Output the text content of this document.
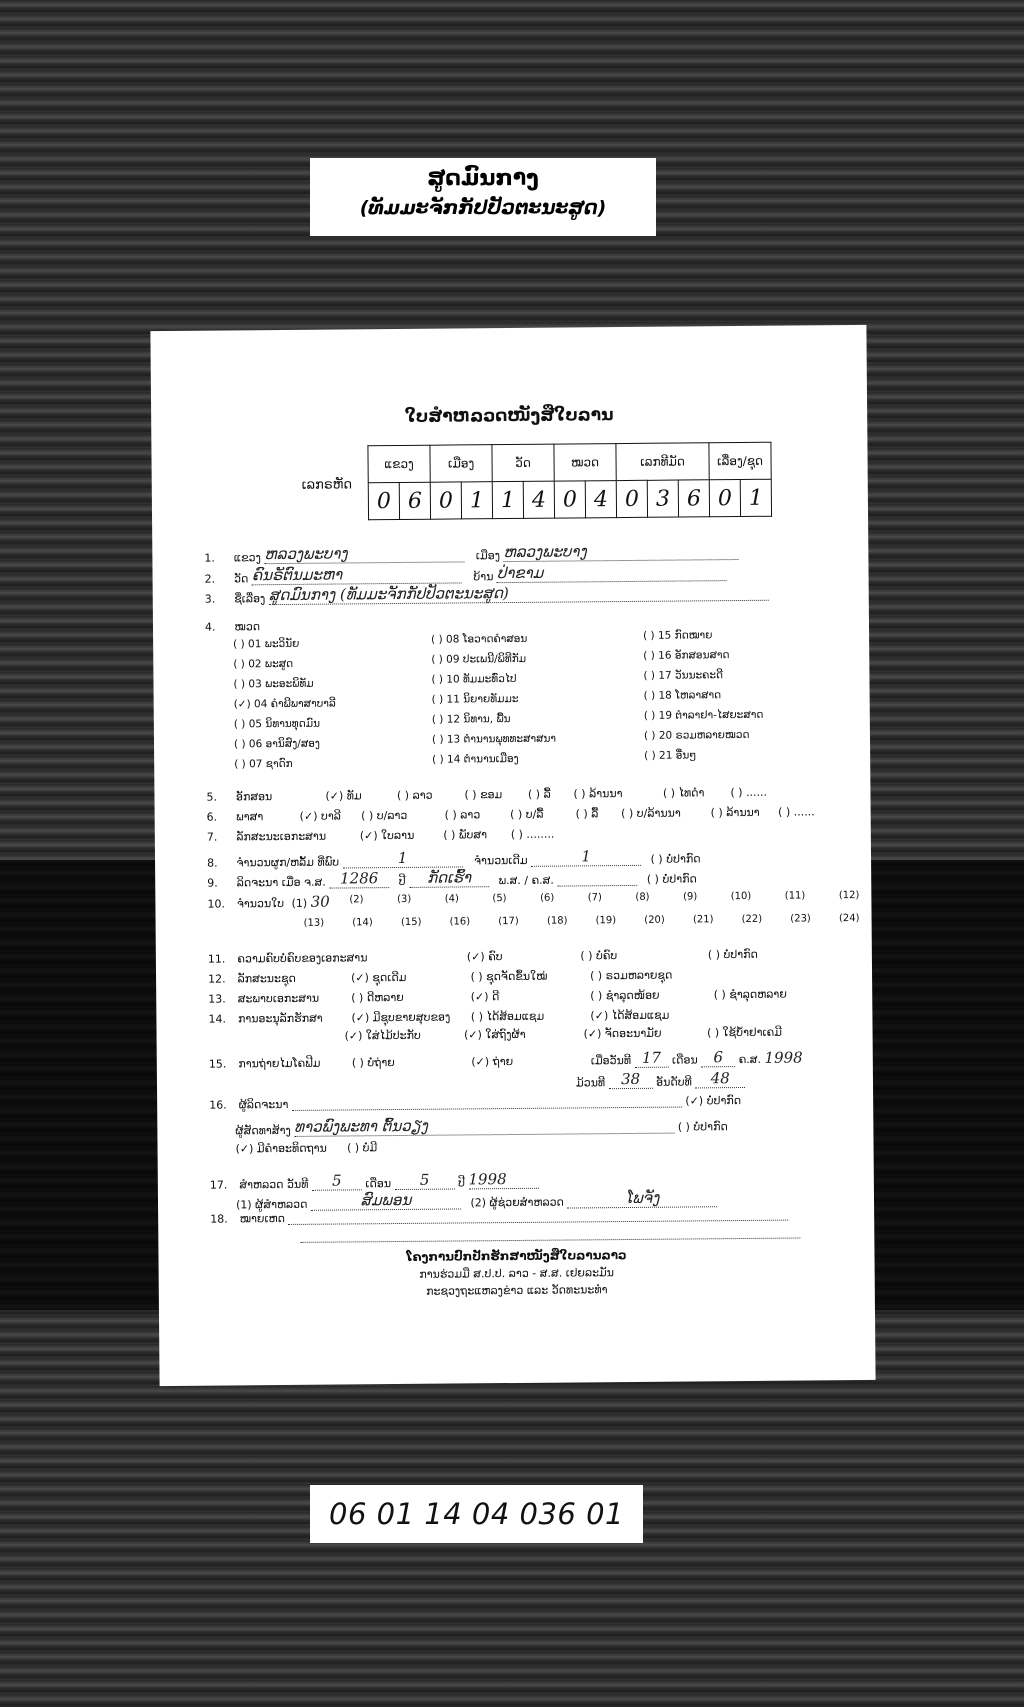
ສູດມົນກາງ
(ທັມມະຈັກກັປປັວຕະນະສູດ)
ໃບສຳຫລວດໜັງສືໃບລານ
ເລກຣຫັດ
ແຂວງ		ເມືອງ		ວັດ		ໝວດ		ເລກທີມັດ			ເລື່ອງ/ຊຸດ	
0	6	0	1	1	4	0	4	0	3	6	0	1
1. ແຂວງ ຫລວງພະບາງ	ເມືອງ ຫລວງພະບາງ
2. ວັດ ຄົນຣັຕົນມະຫາ	ບ້ານ ປ່າຂາມ
3. ຊື່ເລື່ອງ ສູດມົນກາງ (ທັມມະຈັກກັປປັວຕະນະສູດ)
4. ໝວດ
( ) 01 ພະວິນັຍ
( ) 02 ພະສູດ
( ) 03 ພະອະພິທັມ
(✓) 04 ຄຳພີພາສາບາລີ
( ) 05 ນິທານທຸດມົນ
( ) 06 ອານິສົງ/ສອງ
( ) 07 ຊາດົກ
( ) 08 ໂອວາດຄຳສອນ
( ) 09 ປະເພນີ/ພິທີກັມ
( ) 10 ທັມມະທົ່ວໄປ
( ) 11 ນິຍາຍທັມມະ
( ) 12 ນິທານ, ພື້ນ
( ) 13 ຕຳນານພຸທທະສາສນາ
( ) 14 ຕຳນານເມືອງ
( ) 15 ກົດໝາຍ
( ) 16 ອັກສອນສາດ
( ) 17 ວັນນະຄະດີ
( ) 18 ໂຫລາສາດ
( ) 19 ຕຳລາຢາ-ໄສຍະສາດ
( ) 20 ຣວມຫລາຍໝວດ
( ) 21 ອື່ນໆ
5. ອັກສອນ	(✓) ທັມ	( ) ລາວ	( ) ຂອມ ( ) ລື້ ( ) ລ້ານນາ	( ) ໄທດຳ ( ) ......
6. ພາສາ	(✓) ບາລີ ( ) ບ/ລາວ	( ) ລາວ	( ) ບ/ລື້	( ) ລື້ ( ) ບ/ລ້ານນາ	( ) ລ້ານນາ ( ) ......
7. ລັກສະນະເອກະສານ	(✓) ໃບລານ	( ) ພັບສາ ( ) ........
8. ຈຳນວນຜູກ/ຫລັ້ມ ທີ່ພົບ	1	ຈຳນວນເດີມ	1	( ) ບໍ່ປາກົດ
9. ລິດຈະນາ ເມື່ອ ຈ.ສ. 1286 ປີ ກັດເຮົ້າ ພ.ສ. / ຄ.ສ.	( ) ບໍ່ປາກົດ
10. ຈຳນວນໃບ (1) 30 (2)	(3)	(4)	(5)	(6)	(7)	(8)	(9)	(10)	(11)	(12)
(13)	(14)	(15)	(16)	(17)	(18)	(19)	(20)	(21)	(22)	(23)	(24)
11. ຄວາມຄົບບໍ່ຄົບຂອງເອກະສານ	(✓) ຄົບ	( ) ບໍ່ຄົບ	( ) ບໍ່ປາກົດ
12. ລັກສະນະຊຸດ	(✓) ຊຸດເດີມ	( ) ຊຸດຈັດຂຶ້ນໃໝ່	( ) ຣວມຫລາຍຊຸດ
13. ສະພາບເອກະສານ	( ) ດີຫລາຍ	(✓) ດີ	( ) ຊຳລຸດໜ້ອຍ	( ) ຊຳລຸດຫລາຍ
14. ການອະນຸລັກຮັກສາ	(✓) ມີຊຸບຂາຍສຸບຂອງ ( ) ໄດ້ສ້ອມແຊມ	(✓) ໄດ້ສ້ອມແຊມ
(✓) ໃສ່ໄມ້ປະກັບ	(✓) ໃສ່ຖົງຜ້າ	(✓) ຈັດອະນາມັຍ	( ) ໃຊ້ບ້ຳຢາເຄມີ
15. ການຖ່າຍໄມໂຄຟີມ	( ) ບໍ່ຖ່າຍ	(✓) ຖ່າຍ	ເມື່ອວັນທີ 17 ເດືອນ 6 ຄ.ສ. 1998
ມ້ວນທີ 38 ອັນດັບທີ 48
16. ຜູ້ລິດຈະນາ	(✓) ບໍ່ປາກົດ
ຜູ້ສັດທາສ້າງ ທາວພົງພະທາ ຕົ້ນວຽງ	( ) ບໍ່ປາກົດ
(✓) ມີຄຳອະທິດຖານ ( ) ບໍ່ມີ
17. ສຳຫລວດ ວັນທີ 5 ເດືອນ 5	ປີ 1998
(1) ຜູ້ສຳຫລວດ	ສົມພອນ	(2) ຜູ້ຊ່ວຍສຳຫລວດ	ໂພຈັງ
18. ໝາຍເຫດ
ໂຄງການປົກປັກຮັກສາໜັງສືໃບລານລາວ
ການຮ່ວມມື ສ.ປ.ປ. ລາວ - ສ.ສ. ເຢຍລະມັນ
ກະຊວງຖະແຫລງຂ່າວ ແລະ ວັດທະນະທຳ
06 01 14 04 036 01
